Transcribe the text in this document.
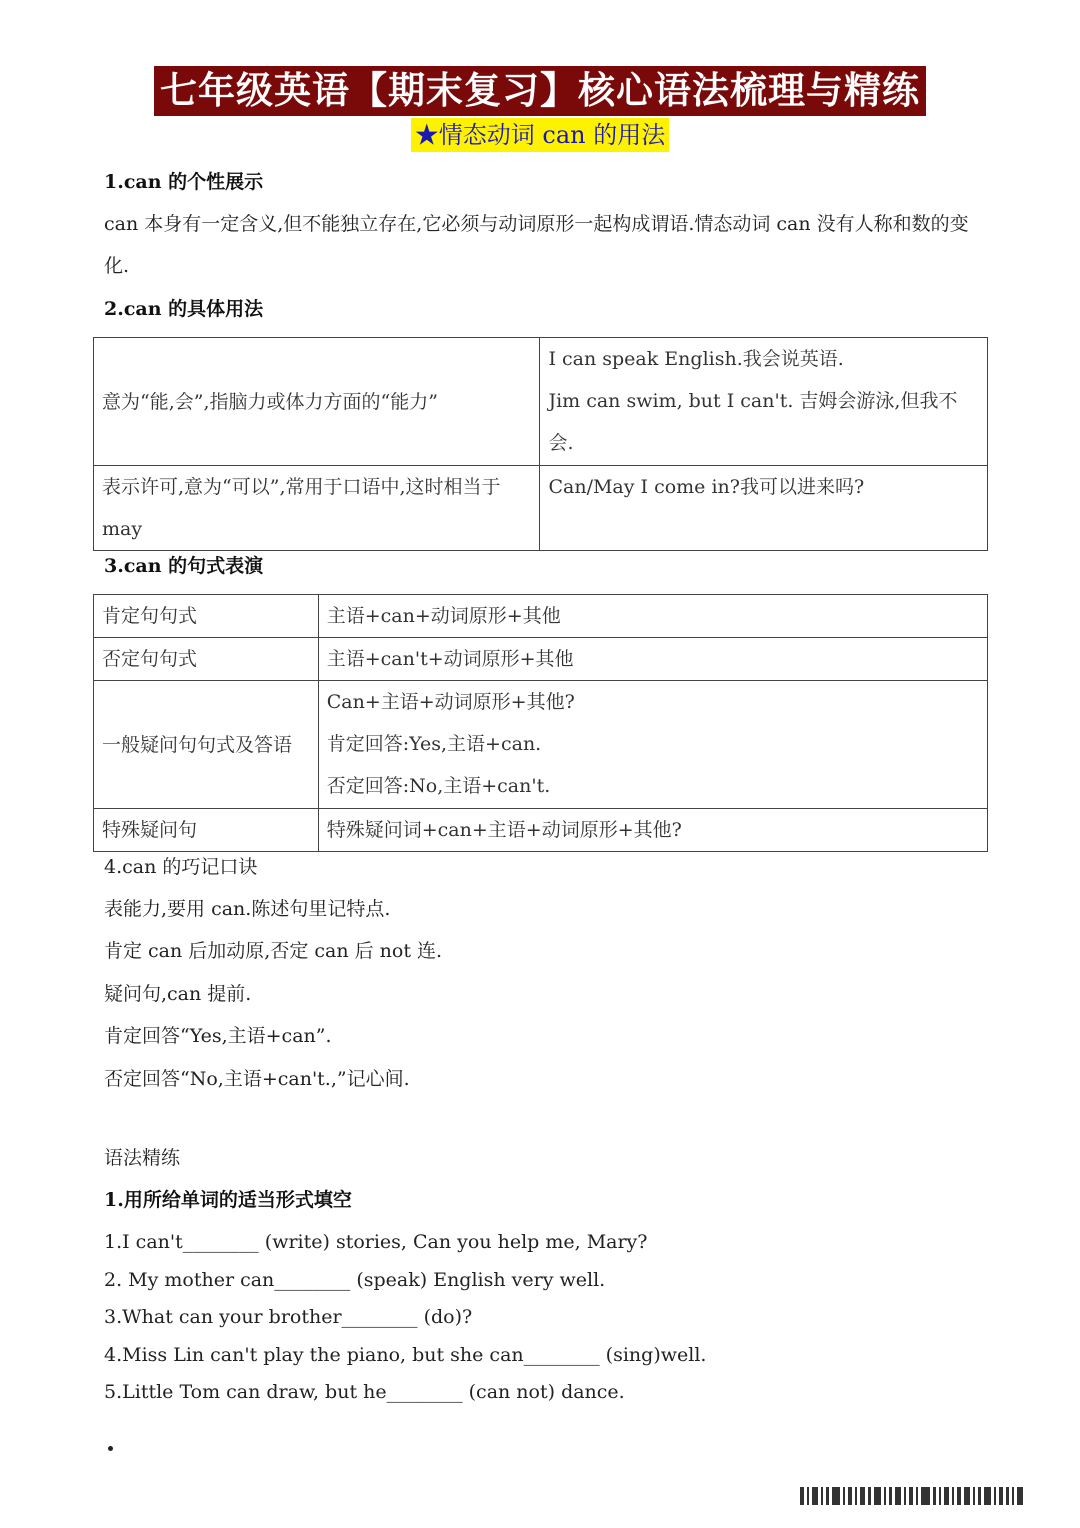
七年级英语【期末复习】核心语法梳理与精练
★情态动词 can 的用法
1.can 的个性展示
can 本身有一定含义,但不能独立存在,它必须与动词原形一起构成谓语.情态动词 can 没有人称和数的变化.
2.can 的具体用法
意为“能,会”,指脑力或体力方面的“能力”	I can speak English.我会说英语.
Jim can swim, but I can't. 吉姆会游泳,但我不会.

表示许可,意为“可以”,常用于口语中,这时相当于 may	Can/May I come in?我可以进来吗?
3.can 的句式表演
肯定句句式	主语+can+动词原形+其他
否定句句式	主语+can't+动词原形+其他
一般疑问句句式及答语	Can+主语+动词原形+其他?
肯定回答:Yes,主语+can.
否定回答:No,主语+can't.

特殊疑问句	特殊疑问词+can+主语+动词原形+其他?
4.can 的巧记口诀
表能力,要用 can.陈述句里记特点.
肯定 can 后加动原,否定 can 后 not 连.
疑问句,can 提前.
肯定回答“Yes,主语+can”.
否定回答“No,主语+can't.,”记心间.
语法精练
1.用所给单词的适当形式填空
1.I can't________ (write) stories, Can you help me, Mary?
2. My mother can________ (speak) English very well.
3.What can your brother________ (do)?
4.Miss Lin can't play the piano, but she can________ (sing)well.
5.Little Tom can draw, but he________ (can not) dance.
